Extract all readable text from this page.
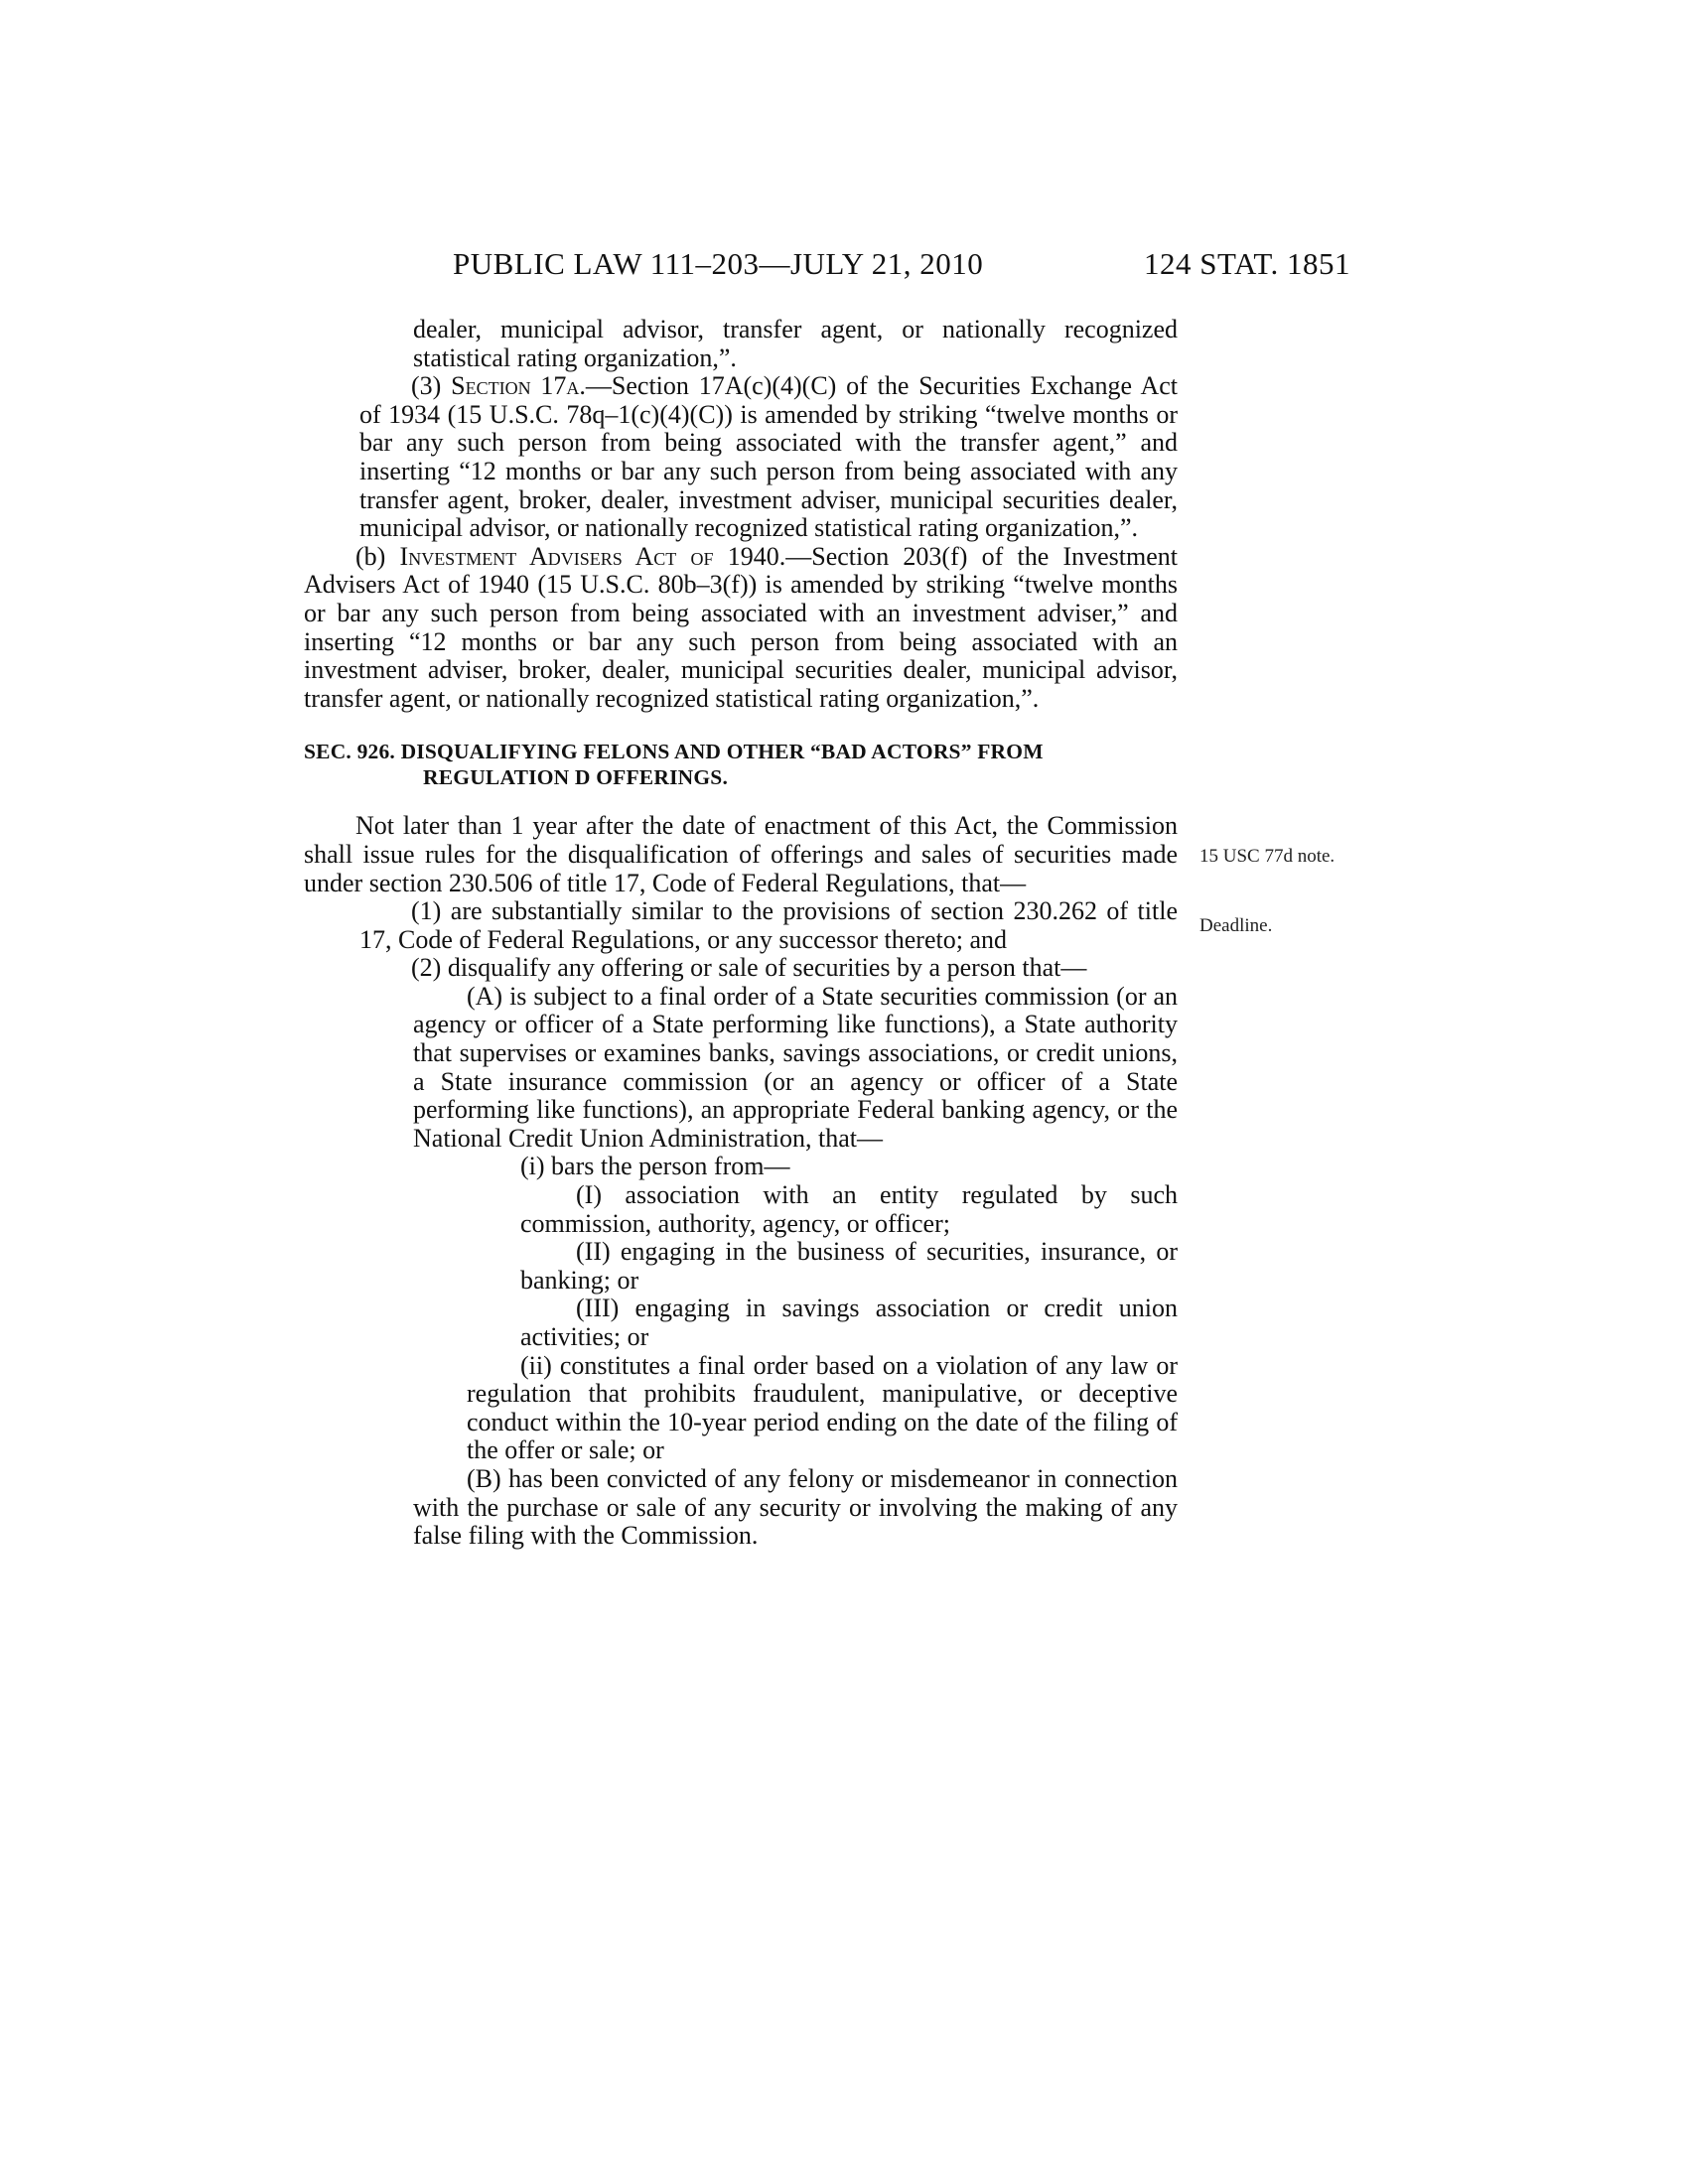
PUBLIC LAW 111–203—JULY 21, 2010	124 STAT. 1851
15 USC 77d note.
Deadline.

dealer, municipal advisor, transfer agent, or nationally recognized statistical rating organization,”.

(3) Section 17a.—Section 17A(c)(4)(C) of the Securities Exchange Act of 1934 (15 U.S.C. 78q–1(c)(4)(C)) is amended by striking “twelve months or bar any such person from being associated with the transfer agent,” and inserting “12 months or bar any such person from being associated with any transfer agent, broker, dealer, investment adviser, municipal securities dealer, municipal advisor, or nationally recognized statistical rating organization,”.

(b) Investment Advisers Act of 1940.—Section 203(f) of the Investment Advisers Act of 1940 (15 U.S.C. 80b–3(f)) is amended by striking “twelve months or bar any such person from being associated with an investment adviser,” and inserting “12 months or bar any such person from being associated with an investment adviser, broker, dealer, municipal securities dealer, municipal advisor, transfer agent, or nationally recognized statistical rating organization,”.

SEC. 926. DISQUALIFYING FELONS AND OTHER “BAD ACTORS” FROM
REGULATION D OFFERINGS.

Not later than 1 year after the date of enactment of this Act, the Commission shall issue rules for the disqualification of offerings and sales of securities made under section 230.506 of title 17, Code of Federal Regulations, that—

(1) are substantially similar to the provisions of section 230.262 of title 17, Code of Federal Regulations, or any successor thereto; and

(2) disqualify any offering or sale of securities by a person that—

(A) is subject to a final order of a State securities commission (or an agency or officer of a State performing like functions), a State authority that supervises or examines banks, savings associations, or credit unions, a State insurance commission (or an agency or officer of a State performing like functions), an appropriate Federal banking agency, or the National Credit Union Administration, that—

(i) bars the person from—

(I) association with an entity regulated by such commission, authority, agency, or officer;

(II) engaging in the business of securities, insurance, or banking; or

(III) engaging in savings association or credit union activities; or

(ii) constitutes a final order based on a violation of any law or regulation that prohibits fraudulent, manipulative, or deceptive conduct within the 10-year period ending on the date of the filing of the offer or sale; or

(B) has been convicted of any felony or misdemeanor in connection with the purchase or sale of any security or involving the making of any false filing with the Commission.
